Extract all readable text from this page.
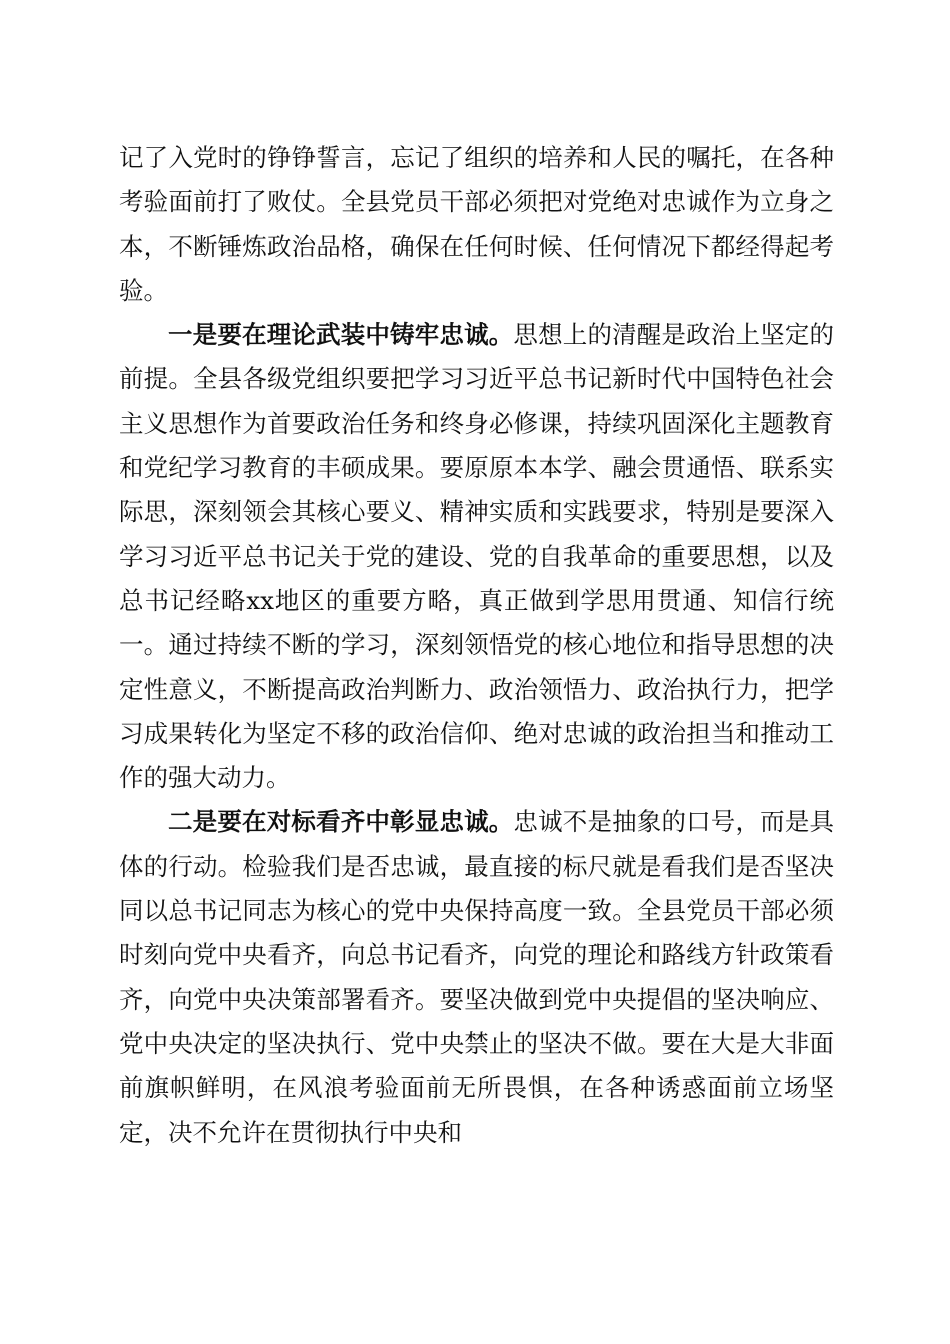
记了入党时的铮铮誓言，忘记了组织的培养和人民的嘱托，在各种考验面前打了败仗。全县党员干部必须把对党绝对忠诚作为立身之本，不断锤炼政治品格，确保在任何时候、任何情况下都经得起考验。

一是要在理论武装中铸牢忠诚。思想上的清醒是政治上坚定的前提。全县各级党组织要把学习习近平总书记新时代中国特色社会主义思想作为首要政治任务和终身必修课，持续巩固深化主题教育和党纪学习教育的丰硕成果。要原原本本学、融会贯通悟、联系实际思，深刻领会其核心要义、精神实质和实践要求，特别是要深入学习习近平总书记关于党的建设、党的自我革命的重要思想，以及总书记经略xx地区的重要方略，真正做到学思用贯通、知信行统一。通过持续不断的学习，深刻领悟党的核心地位和指导思想的决定性意义，不断提高政治判断力、政治领悟力、政治执行力，把学习成果转化为坚定不移的政治信仰、绝对忠诚的政治担当和推动工作的强大动力。

二是要在对标看齐中彰显忠诚。忠诚不是抽象的口号，而是具体的行动。检验我们是否忠诚，最直接的标尺就是看我们是否坚决同以总书记同志为核心的党中央保持高度一致。全县党员干部必须时刻向党中央看齐，向总书记看齐，向党的理论和路线方针政策看齐，向党中央决策部署看齐。要坚决做到党中央提倡的坚决响应、党中央决定的坚决执行、党中央禁止的坚决不做。要在大是大非面前旗帜鲜明，在风浪考验面前无所畏惧，在各种诱惑面前立场坚定，决不允许在贯彻执行中央和
